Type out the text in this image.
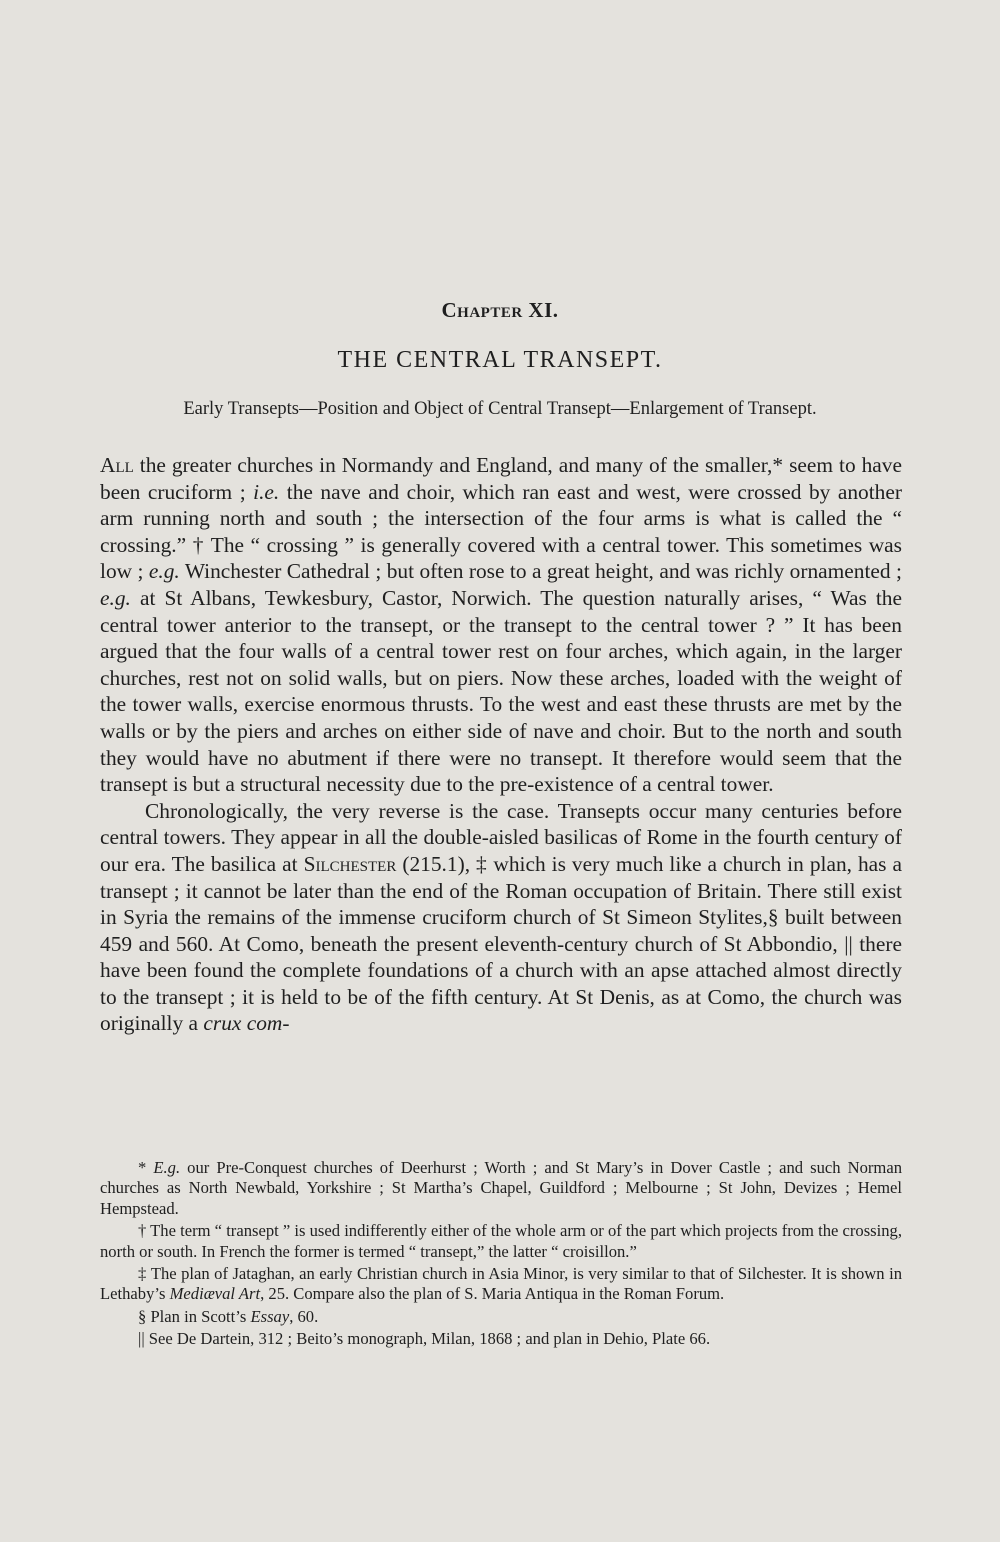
Chapter XI.
THE CENTRAL TRANSEPT.

Early Transepts—Position and Object of Central Transept—Enlargement of Transept.

All the greater churches in Normandy and England, and many of the smaller,* seem to have been cruciform ; i.e. the nave and choir, which ran east and west, were crossed by another arm running north and south ; the intersection of the four arms is what is called the “ crossing.” † The “ crossing ” is generally covered with a central tower. This sometimes was low ; e.g. Winchester Cathedral ; but often rose to a great height, and was richly ornamented ; e.g. at St Albans, Tewkesbury, Castor, Norwich. The question naturally arises, “ Was the central tower anterior to the transept, or the transept to the central tower ? ” It has been argued that the four walls of a central tower rest on four arches, which again, in the larger churches, rest not on solid walls, but on piers. Now these arches, loaded with the weight of the tower walls, exercise enormous thrusts. To the west and east these thrusts are met by the walls or by the piers and arches on either side of nave and choir. But to the north and south they would have no abutment if there were no transept. It therefore would seem that the transept is but a structural necessity due to the pre-existence of a central tower.

Chronologically, the very reverse is the case. Transepts occur many centuries before central towers. They appear in all the double-aisled basilicas of Rome in the fourth century of our era. The basilica at Silchester (215.1), ‡ which is very much like a church in plan, has a transept ; it cannot be later than the end of the Roman occupation of Britain. There still exist in Syria the remains of the immense cruciform church of St Simeon Stylites,§ built between 459 and 560. At Como, beneath the present eleventh-century church of St Abbondio, || there have been found the complete foundations of a church with an apse attached almost directly to the transept ; it is held to be of the fifth century. At St Denis, as at Como, the church was originally a crux com-

* E.g. our Pre-Conquest churches of Deerhurst ; Worth ; and St Mary’s in Dover Castle ; and such Norman churches as North Newbald, Yorkshire ; St Martha’s Chapel, Guildford ; Melbourne ; St John, Devizes ; Hemel Hempstead.

† The term “ transept ” is used indifferently either of the whole arm or of the part which projects from the crossing, north or south. In French the former is termed “ transept,” the latter “ croisillon.”

‡ The plan of Jataghan, an early Christian church in Asia Minor, is very similar to that of Silchester. It is shown in Lethaby’s Mediæval Art, 25. Compare also the plan of S. Maria Antiqua in the Roman Forum.

§ Plan in Scott’s Essay, 60.

|| See De Dartein, 312 ; Beito’s monograph, Milan, 1868 ; and plan in Dehio, Plate 66.
